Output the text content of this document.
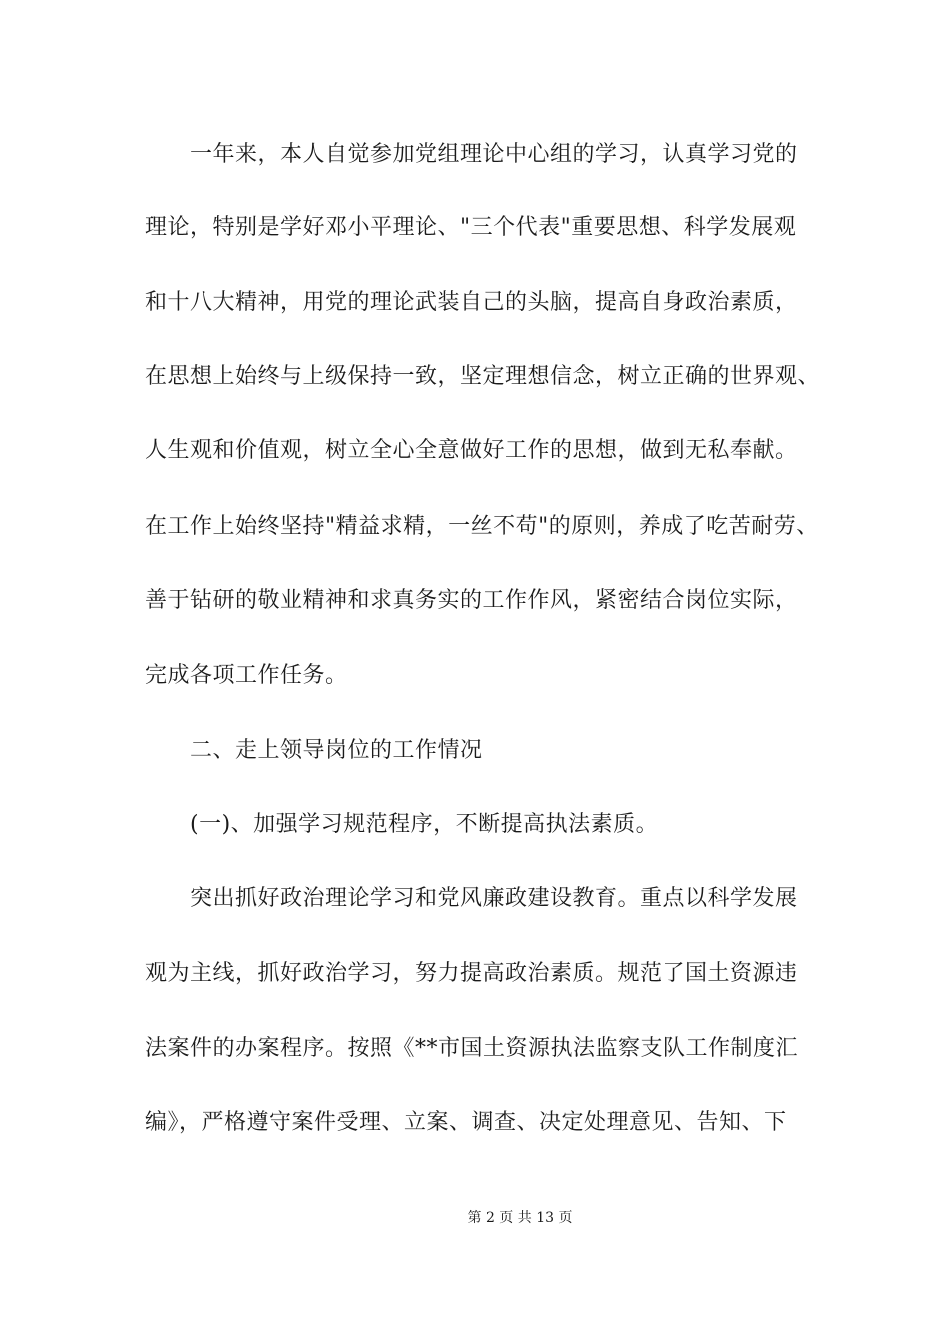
一年来，本人自觉参加党组理论中心组的学习，认真学习党的
理论，特别是学好邓小平理论、"三个代表"重要思想、科学发展观
和十八大精神，用党的理论武装自己的头脑，提高自身政治素质，
在思想上始终与上级保持一致，坚定理想信念，树立正确的世界观、
人生观和价值观，树立全心全意做好工作的思想，做到无私奉献。
在工作上始终坚持"精益求精，一丝不苟"的原则，养成了吃苦耐劳、
善于钻研的敬业精神和求真务实的工作作风，紧密结合岗位实际，
完成各项工作任务。
二、走上领导岗位的工作情况
(一)、加强学习规范程序，不断提高执法素质。
突出抓好政治理论学习和党风廉政建设教育。重点以科学发展
观为主线，抓好政治学习，努力提高政治素质。规范了国土资源违
法案件的办案程序。按照《**市国土资源执法监察支队工作制度汇
编》，严格遵守案件受理、立案、调查、决定处理意见、告知、下
第 2 页 共 13 页
